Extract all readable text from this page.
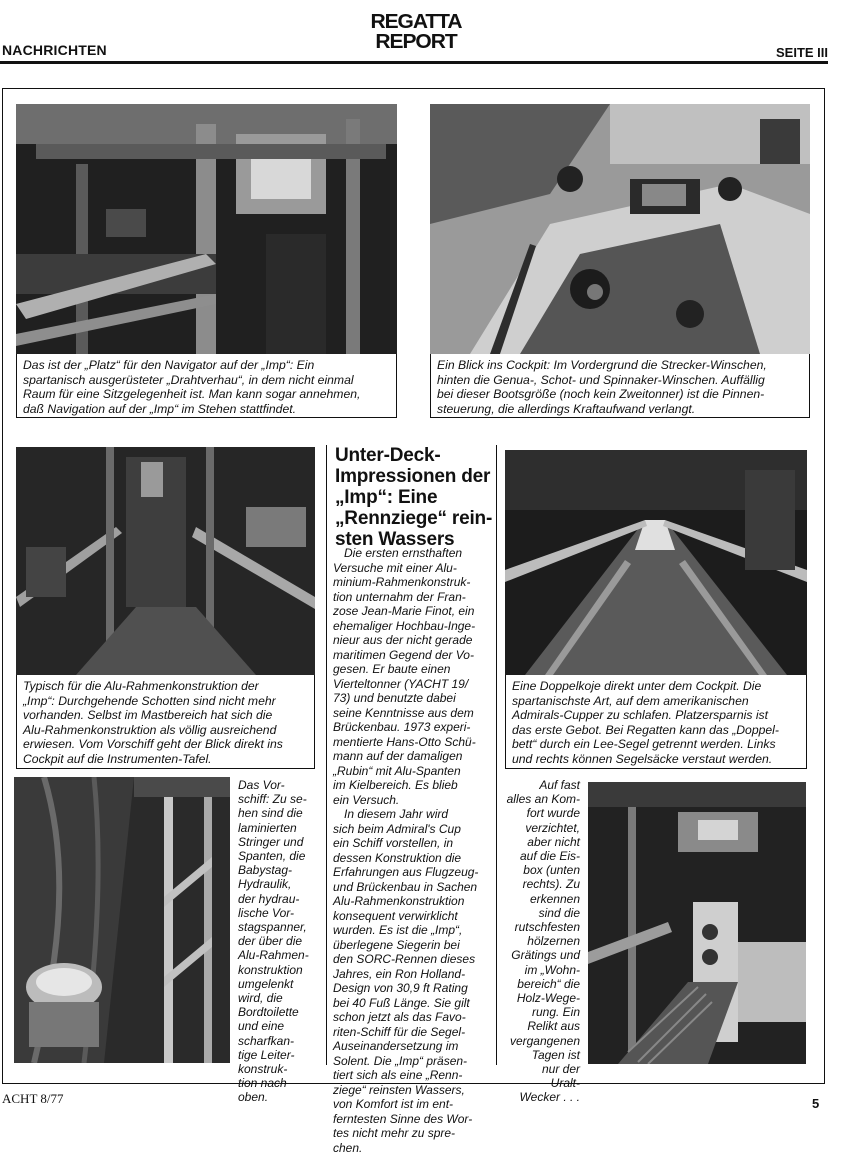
NACHRICHTEN
REGATTA
REPORT	SEITE III
Das ist der „Platz“ für den Navigator auf der „Imp“: Ein
spartanisch ausgerüsteter „Drahtverhau“, in dem nicht einmal
Raum für eine Sitzgelegenheit ist. Man kann sogar annehmen,
daß Navigation auf der „Imp“ im Stehen stattfindet.
Ein Blick ins Cockpit: Im Vordergrund die Strecker-Winschen,
hinten die Genua-, Schot- und Spinnaker-Winschen. Auffällig
bei dieser Bootsgröße (noch kein Zweitonner) ist die Pinnen-
steuerung, die allerdings Kraftaufwand verlangt.
Typisch für die Alu-Rahmenkonstruktion der
„Imp“: Durchgehende Schotten sind nicht mehr
vorhanden. Selbst im Mastbereich hat sich die
Alu-Rahmenkonstruktion als völlig ausreichend
erwiesen. Vom Vorschiff geht der Blick direkt ins
Cockpit auf die Instrumenten-Tafel.
Unter-Deck-
Impressionen der
„Imp“: Eine
„Rennziege“ rein-
sten Wassers
Die ersten ernsthaften
Versuche mit einer Alu-
minium-Rahmenkonstruk-
tion unternahm der Fran-
zose Jean-Marie Finot, ein
ehemaliger Hochbau-Inge-
nieur aus der nicht gerade
maritimen Gegend der Vo-
gesen. Er baute einen
Vierteltonner (YACHT 19/
73) und benutzte dabei
seine Kenntnisse aus dem
Brückenbau. 1973 experi-
mentierte Hans-Otto Schü-
mann auf der damaligen
„Rubin“ mit Alu-Spanten
im Kielbereich. Es blieb
ein Versuch.
In diesem Jahr wird
sich beim Admiral's Cup
ein Schiff vorstellen, in
dessen Konstruktion die
Erfahrungen aus Flugzeug-
und Brückenbau in Sachen
Alu-Rahmenkonstruktion
konsequent verwirklicht
wurden. Es ist die „Imp“,
überlegene Siegerin bei
den SORC-Rennen dieses
Jahres, ein Ron Holland-
Design von 30,9 ft Rating
bei 40 Fuß Länge. Sie gilt
schon jetzt als das Favo-
riten-Schiff für die Segel-
Auseinandersetzung im
Solent. Die „Imp“ präsen-
tiert sich als eine „Renn-
ziege“ reinsten Wassers,
von Komfort ist im ent-
ferntesten Sinne des Wor-
tes nicht mehr zu spre-
chen.
Eine Doppelkoje direkt unter dem Cockpit. Die
spartanischste Art, auf dem amerikanischen
Admirals-Cupper zu schlafen. Platzersparnis ist
das erste Gebot. Bei Regatten kann das „Doppel-
bett“ durch ein Lee-Segel getrennt werden. Links
und rechts können Segelsäcke verstaut werden.
Das Vor-
schiff: Zu se-
hen sind die
laminierten
Stringer und
Spanten, die
Babystag-
Hydraulik,
der hydrau-
lische Vor-
stagspanner,
der über die
Alu-Rahmen-
konstruktion
umgelenkt
wird, die
Bordtoilette
und eine
scharfkan-
tige Leiter-
konstruk-
tion nach
oben.
Auf fast
alles an Kom-
fort wurde
verzichtet,
aber nicht
auf die Eis-
box (unten
rechts). Zu
erkennen
sind die
rutschfesten
hölzernen
Grätings und
im „Wohn-
bereich“ die
Holz-Wege-
rung. Ein
Relikt aus
vergangenen
Tagen ist
nur der
Uralt-
Wecker . . .
ACHT 8/77	5
